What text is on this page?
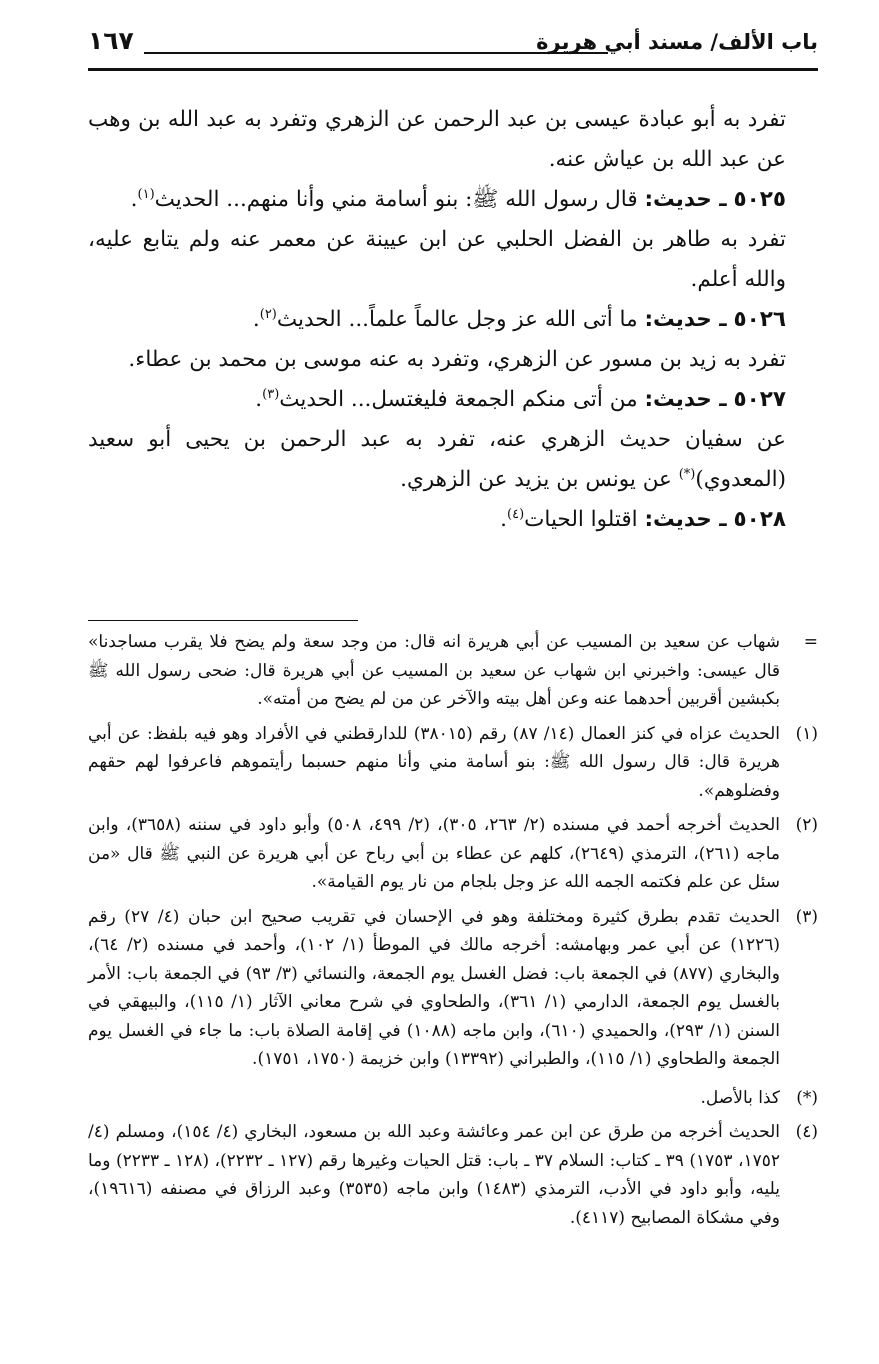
باب الألف/ مسند أبي هريرة
١٦٧

تفرد به أبو عبادة عيسى بن عبد الرحمن عن الزهري وتفرد به عبد الله بن وهب عن عبد الله بن عياش عنه.

٥٠٢٥ ـ حديث: قال رسول الله ﷺ: بنو أسامة مني وأنا منهم... الحديث$^{(١)}$.

تفرد به طاهر بن الفضل الحلبي عن ابن عيينة عن معمر عنه ولم يتابع عليه، والله أعلم.

٥٠٢٦ ـ حديث: ما أتى الله عز وجل عالماً علماً... الحديث$^{(٢)}$.

تفرد به زيد بن مسور عن الزهري، وتفرد به عنه موسى بن محمد بن عطاء.

٥٠٢٧ ـ حديث: من أتى منكم الجمعة فليغتسل... الحديث$^{(٣)}$.

عن سفيان حديث الزهري عنه، تفرد به عبد الرحمن بن يحيى أبو سعيد (المعدوي)(*) عن يونس بن يزيد عن الزهري.

٥٠٢٨ ـ حديث: اقتلوا الحيات$^{(٤)}$.

=
شهاب عن سعيد بن المسيب عن أبي هريرة انه قال: من وجد سعة ولم يضح فلا يقرب مساجدنا» قال عيسى: واخبرني ابن شهاب عن سعيد بن المسيب عن أبي هريرة قال: ضحى رسول الله ﷺ بكبشين أقربين أحدهما عنه وعن أهل بيته والآخر عن من لم يضح من أمته».
(١)
الحديث عزاه في كنز العمال (١٤/ ٨٧) رقم (٣٨٠١٥) للدارقطني في الأفراد وهو فيه بلفظ: عن أبي هريرة قال: قال رسول الله ﷺ: بنو أسامة مني وأنا منهم حسبما رأيتموهم فاعرفوا لهم حقهم وفضلوهم».
(٢)
الحديث أخرجه أحمد في مسنده (٢/ ٢٦٣، ٣٠٥)، (٢/ ٤٩٩، ٥٠٨) وأبو داود في سننه (٣٦٥٨)، وابن ماجه (٢٦١)، الترمذي (٢٦٤٩)، كلهم عن عطاء بن أبي رباح عن أبي هريرة عن النبي ﷺ قال «من سئل عن علم فكتمه الجمه الله عز وجل بلجام من نار يوم القيامة».
(٣)
الحديث تقدم بطرق كثيرة ومختلفة وهو في الإحسان في تقريب صحيح ابن حبان (٤/ ٢٧) رقم (١٢٢٦) عن أبي عمر وبهامشه: أخرجه مالك في الموطأ (١/ ١٠٢)، وأحمد في مسنده (٢/ ٦٤)، والبخاري (٨٧٧) في الجمعة باب: فضل الغسل يوم الجمعة، والنسائي (٣/ ٩٣) في الجمعة باب: الأمر بالغسل يوم الجمعة، الدارمي (١/ ٣٦١)، والطحاوي في شرح معاني الآثار (١/ ١١٥)، والبيهقي في السنن (١/ ٢٩٣)، والحميدي (٦١٠)، وابن ماجه (١٠٨٨) في إقامة الصلاة باب: ما جاء في الغسل يوم الجمعة والطحاوي (١/ ١١٥)، والطبراني (١٣٣٩٢) وابن خزيمة (١٧٥٠، ١٧٥١).
(*)
كذا بالأصل.
(٤)
الحديث أخرجه من طرق عن ابن عمر وعائشة وعبد الله بن مسعود، البخاري (٤/ ١٥٤)، ومسلم (٤/ ١٧٥٢، ١٧٥٣) ٣٩ ـ كتاب: السلام ٣٧ ـ باب: قتل الحيات وغيرها رقم (١٢٧ ـ ٢٢٣٢)، (١٢٨ ـ ٢٢٣٣) وما يليه، وأبو داود في الأدب، الترمذي (١٤٨٣) وابن ماجه (٣٥٣٥) وعبد الرزاق في مصنفه (١٩٦١٦)، وفي مشكاة المصابيح (٤١١٧).
